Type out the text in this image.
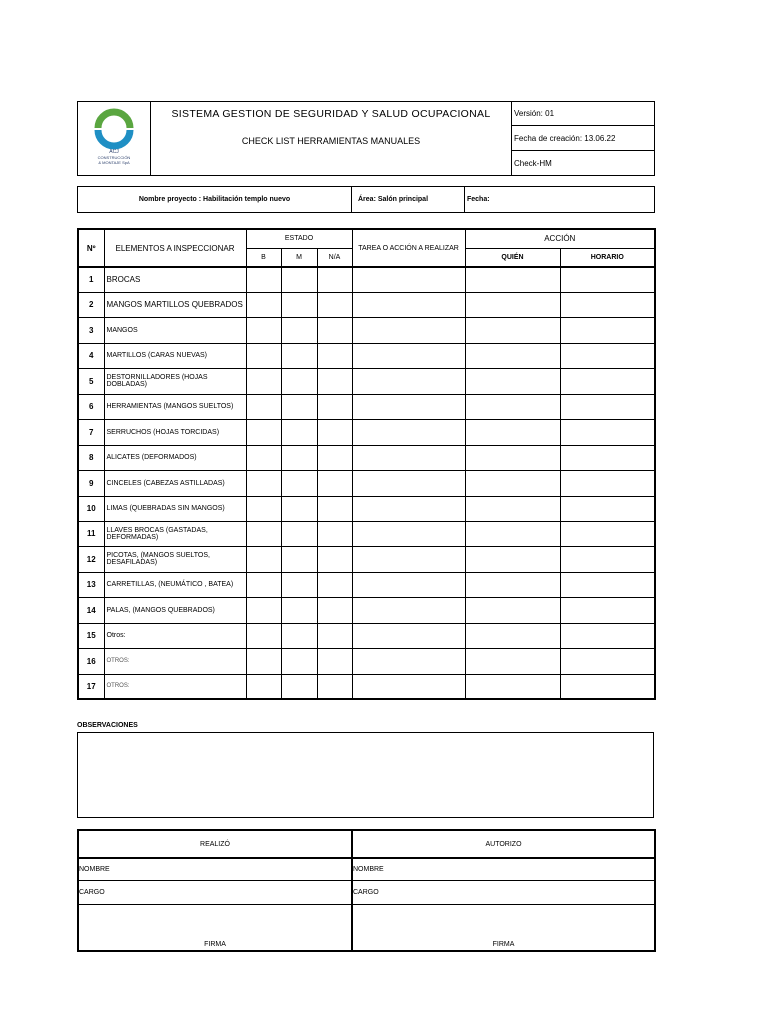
ACJ
CONSTRUCCIÓN
& MONTAJE SpA	SISTEMA GESTION DE SEGURIDAD Y SALUD OCUPACIONAL	Versión: 01
	CHECK LIST HERRAMIENTAS MANUALES	Fecha de creación: 13.06.22
		Check-HM
Nombre proyecto : Habilitación templo nuevo	Área: Salón principal	Fecha:
Nº	ELEMENTOS A INSPECCIONAR	ESTADO			TAREA O ACCIÓN A REALIZAR	ACCIÓN	
		B	M	N/A		QUIÉN	HORARIO
1	BROCAS						
2	MANGOS MARTILLOS QUEBRADOS						
3	MANGOS						
4	MARTILLOS (CARAS NUEVAS)						
5	DESTORNILLADORES (HOJAS DOBLADAS)						
6	HERRAMIENTAS (MANGOS SUELTOS)						
7	SERRUCHOS (HOJAS TORCIDAS)						
8	ALICATES (DEFORMADOS)						
9	CINCELES (CABEZAS ASTILLADAS)						
10	LIMAS (QUEBRADAS SIN MANGOS)						
11	LLAVES BROCAS (GASTADAS, DEFORMADAS)						
12	PICOTAS, (MANGOS SUELTOS, DESAFILADAS)						
13	CARRETILLAS, (NEUMÁTICO , BATEA)						
14	PALAS, (MANGOS QUEBRADOS)						
15	Otros:						
16	OTROS:						
17	OTROS:						
OBSERVACIONES
REALIZÓ	AUTORIZO
NOMBRE	NOMBRE
CARGO	CARGO
FIRMA	FIRMA
